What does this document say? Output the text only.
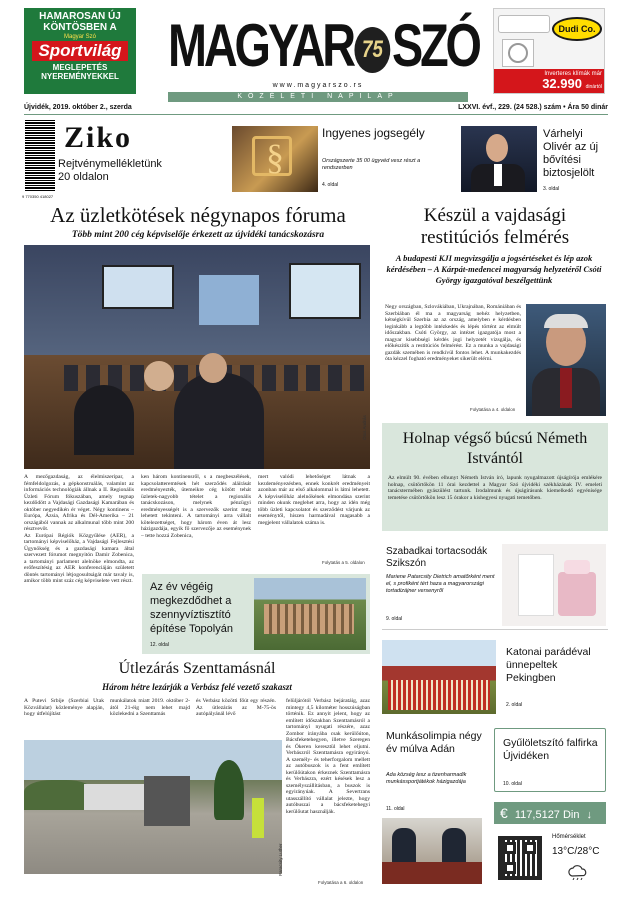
HAMAROSAN ÚJ
KÖNTÖSBEN A
Magyar Szó
Sportvilág
MEGLEPETÉS
NYEREMÉNYEKKEL MAGYAR 75 SZÓ
www.magyarszo.rs
KÖZÉLETI NAPILAP
Dudi Co.
Inverteres klímák már
32.990 dinártól
Újvidék, 2019. október 2., szerda	LXXVI. évf., 229. (24 528.) szám • Ára 50 dinár
9 770350 418027
Ziko
Rejtvénymellékletünk 20 oldalon	§
Ingyenes jogsegély
Országszerte 35 00 ügyvéd vesz részt a rendszerben
4. oldal
Várhelyi Olivér az új bővítési biztosjelölt
3. oldal
Az üzletkötések négynapos fóruma
Több mint 200 cég képviselője érkezett az újvidéki tanácskozásra
Ótos András
A mezőgazdaság, az élelmiszeripar, a fémfeldolgozás, a gépkonstruálás, valamint az információs technológiák állnak a II. Regionális Üzleti Fórum fókuszában, amely tegnap kezdődött a Vajdasági Gazdasági Kamarában és október negyedikén ér véget. Négy kontinens – Európa, Ázsia, Afrika és Dél-Amerika – 21 országából vannak az alkalmunal több mint 200 résztvevőt.
Az Európai Régiók Közgyűlése (AER), a tartományi képviselőház, a Vajdasági Fejlesztési Ügynökség és a gazdasági kamara által szervezett fórumot megnyitón Damir Zobenica, a tartományi parlament alelnöke elmondta, az erőfeszítésig az AER konferenciáján született döntés tartományi létjogosultságát már tavaly is, amikor több mint száz cég képviselete vett részt.
ken három kontinensről, s a megbeszélések, kapcsolatteremtések hét szerződés aláírását eredményezték, ütemeikre cég kötött tehát üzletek-nagyobb tételet a regionális tanácskozáson, melynek pénzügyi eredményességét is a szervezők szerint meg lehetett tekinteni. A tartományi arra vállalt kötelezettséget, hogy három éven át lesz házigazdája, egyik fő szervezője az eseménynek – tette hozzá Zobenica,
mert valódi lehetőséget látnak a kezdeményezésben, ennek konkrét eredményeit azonban már az első alkalommal is látni lehetett. A képviselőház alelnökének elmondása szerint minden okunk meglehet arra, hogy az idén még több üzleti kapcsolatot és szerződést várjunk az eseménytől, hiszen harmadával magasabb a megjelent vállalatok száma is.
Folytatás a 5. oldalon
Az év végéig megkezdődhet a szennyvíztisztító építése Topolyán
12. oldal
Készül a vajdasági restitúciós felmérés
A budapesti KJI megvizsgálja a jogsértéseket és lép azok kérdésében – A Kárpát-medencei magyarság helyzetéről Csóti György igazgatóval beszélgettünk
Negy országban, Szlovákiában, Ukrajnában, Romániában és Szerbiában él ma a magyarság nehéz helyzetben, kétségkívül Szerbia az az ország, amelyben e kérdésben leginkább a legtöbb intézkedés és lépés történt az elmúlt időszakban. Csóti György, az intézet igazgatója most a magyar kisebbségi kérdés jogi helyzetét vizsgálja, és előkészítik a restitúciós felmérést. Ez a munka a vajdasági gazdák szemében is rendkívül fontos lehet. A munkakezdés óta kézzel fogható eredményeket sikerült elérni.
Folytatása a 4. oldalon
Holnap végső búcsú Németh Istvántól
Az elmúlt 90. évében elhunyt Németh István író, lapunk nyugalmazott újságírója emlékére holnap, csütörtökön 11 órai kezdettel a Magyar Szó újvidéki székházának IV. emeleti tanácstermében gyászülést tartunk. Irodalmunk és újságírásunk kiemelkedő egyénisége temetése csütörtökön lesz 15 órakor a kishegyesi nyugati temetőben.
Szabadkai tortacsodák Szikszón
Mariene Patarcsity Dietrich amatőrként ment el, s profiként tért haza a magyarországi tortadizájner versenyről
9. oldal
Katonai parádéval ünnepeltek Pekingben
2. oldal
Útlezárás Szenttamásnál
Három hétre lezárják a Verbász felé vezető szakaszt
A Putevi Srbije (Szerbiai Utak Közvállalat) közleménye alapján, hogy útfelújítást
munkálatok miatt 2019. október 2-ától 21-éig nem lehet majd közlekedni a Szenttamás
és Verbász közötti főút egy részén. Az útlezárás az M-75-ös autópályánál lévő
felüljárótól Verbász bejáratáig, azaz mintegy 4,5 kilométer hosszúságban történik. Ez annyit jelent, hogy az említett időszakban Szenttamásról a tartományi nyugati részére, azaz Zombor irányába csak kerülőúton, Bácsfeketehegyen, illetve Szeregen és Ókeren keresztül lehet eljutni. Verbászról Szenttamásra egyirányú. A személy- és teherforgalom mellett az autóbuszok is a fent említett kerülőútakon érkeznek Szenttamásra és Verbászra, ezért késések lesz a személyszállításban, a buszok is egyirányúak. A Severtrans utasszállító vállalat jelezte, hogy autóbuszai a bácsfeketehegyi kerülőutat használják.
Folytatása a 6. oldalon
Paracsity Luther
Munkásolimpia négy év múlva Adán
Ada község lesz a tizenharmadik munkássportjátékok házigazdája
11. oldal
Gyűlöletszító falfirka Újvidéken
10. oldal
€ 117,5127 Din ↓
Hőmérséklet
13°C/28°C
